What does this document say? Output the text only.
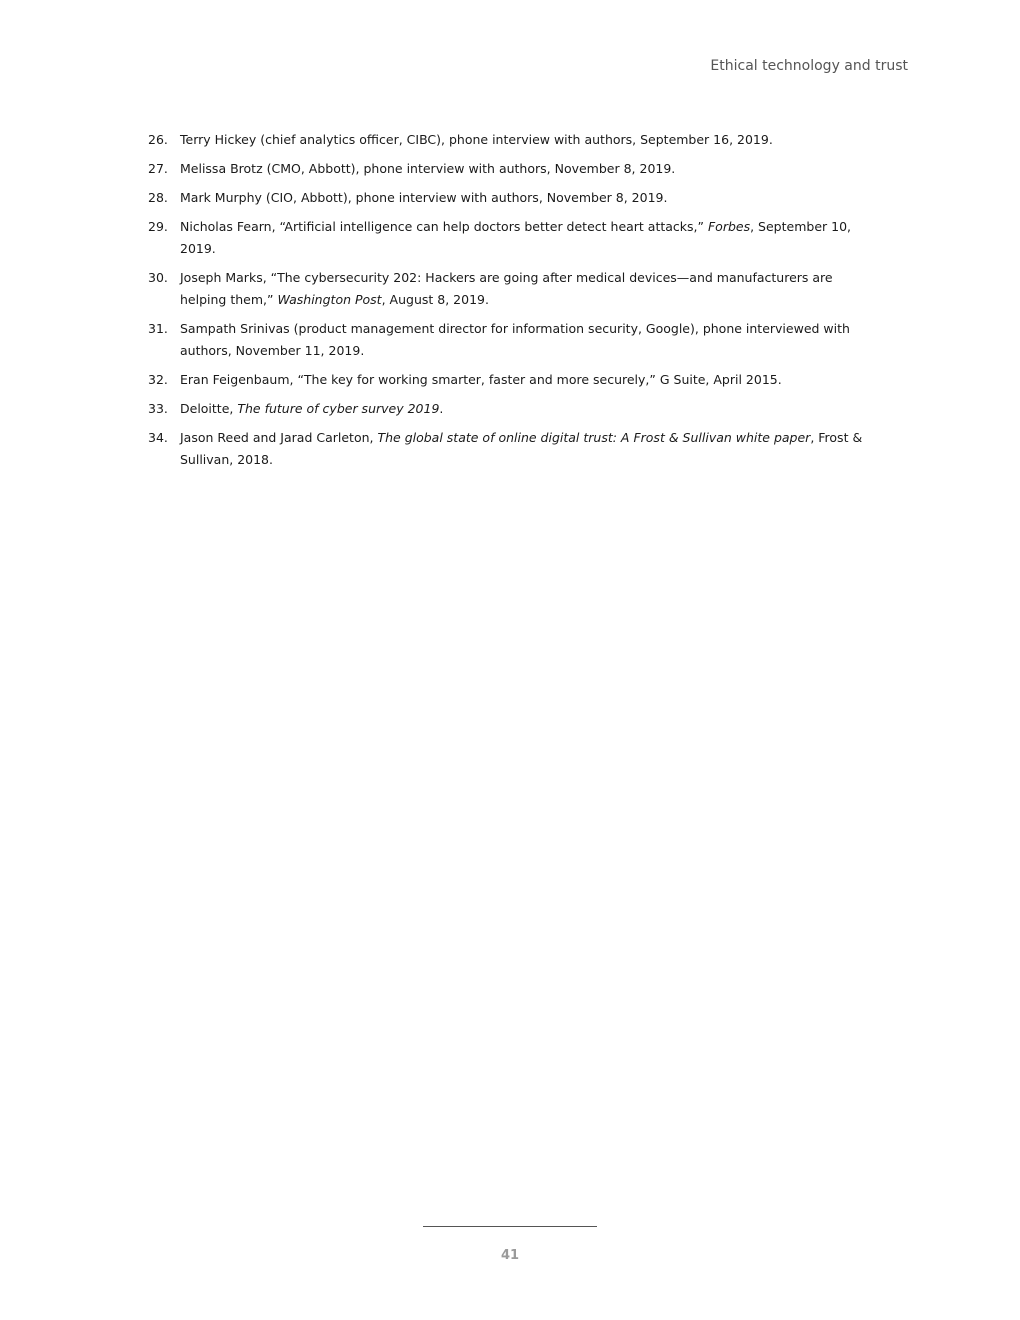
Ethical technology and trust
26. Terry Hickey (chief analytics officer, CIBC), phone interview with authors, September 16, 2019.
27. Melissa Brotz (CMO, Abbott), phone interview with authors, November 8, 2019.
28. Mark Murphy (CIO, Abbott), phone interview with authors, November 8, 2019.
29. Nicholas Fearn, “Artificial intelligence can help doctors better detect heart attacks,” Forbes, September 10, 2019.
30. Joseph Marks, “The cybersecurity 202: Hackers are going after medical devices—and manufacturers are helping them,” Washington Post, August 8, 2019.
31. Sampath Srinivas (product management director for information security, Google), phone interviewed with authors, November 11, 2019.
32. Eran Feigenbaum, “The key for working smarter, faster and more securely,” G Suite, April 2015.
33. Deloitte, The future of cyber survey 2019.
34. Jason Reed and Jarad Carleton, The global state of online digital trust: A Frost & Sullivan white paper, Frost & Sullivan, 2018.
41
